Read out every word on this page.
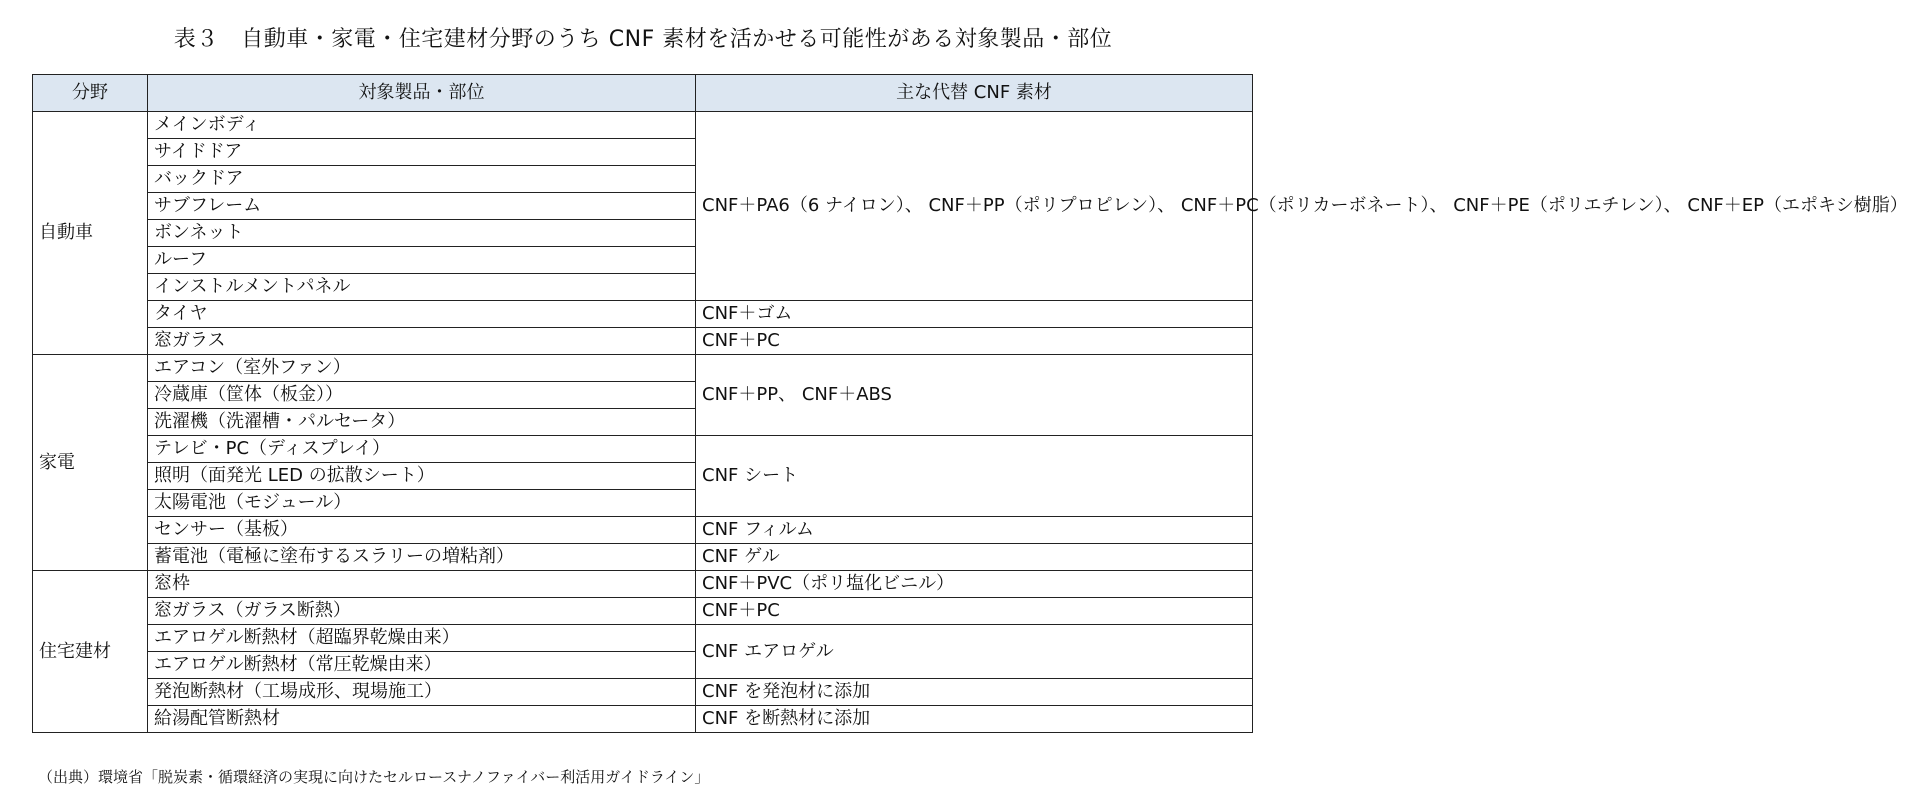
表３　自動車・家電・住宅建材分野のうち CNF 素材を活かせる可能性がある対象製品・部位
分野	対象製品・部位	主な代替 CNF 素材
自動車	メインボディ	CNF＋PA6（6 ナイロン）、 CNF＋PP（ポリプロピレン）、 CNF＋PC（ポリカーボネート）、 CNF＋PE（ポリエチレン）、 CNF＋EP（エポキシ樹脂）
	サイドドア	
	バックドア	
	サブフレーム	
	ボンネット	
	ルーフ	
	インストルメントパネル	
	タイヤ	CNF＋ゴム
	窓ガラス	CNF＋PC
家電	エアコン（室外ファン）	CNF＋PP、 CNF＋ABS
	冷蔵庫（筐体（板金））	
	洗濯機（洗濯槽・パルセータ）	
	テレビ・PC（ディスプレイ）	CNF シート
	照明（面発光 LED の拡散シート）	
	太陽電池（モジュール）	
	センサー（基板）	CNF フィルム
	蓄電池（電極に塗布するスラリーの増粘剤）	CNF ゲル
住宅建材	窓枠	CNF＋PVC（ポリ塩化ビニル）
	窓ガラス（ガラス断熱）	CNF＋PC
	エアロゲル断熱材（超臨界乾燥由来）	CNF エアロゲル
	エアロゲル断熱材（常圧乾燥由来）	
	発泡断熱材（工場成形、現場施工）	CNF を発泡材に添加
	給湯配管断熱材	CNF を断熱材に添加
（出典）環境省「脱炭素・循環経済の実現に向けたセルロースナノファイバー利活用ガイドライン」
